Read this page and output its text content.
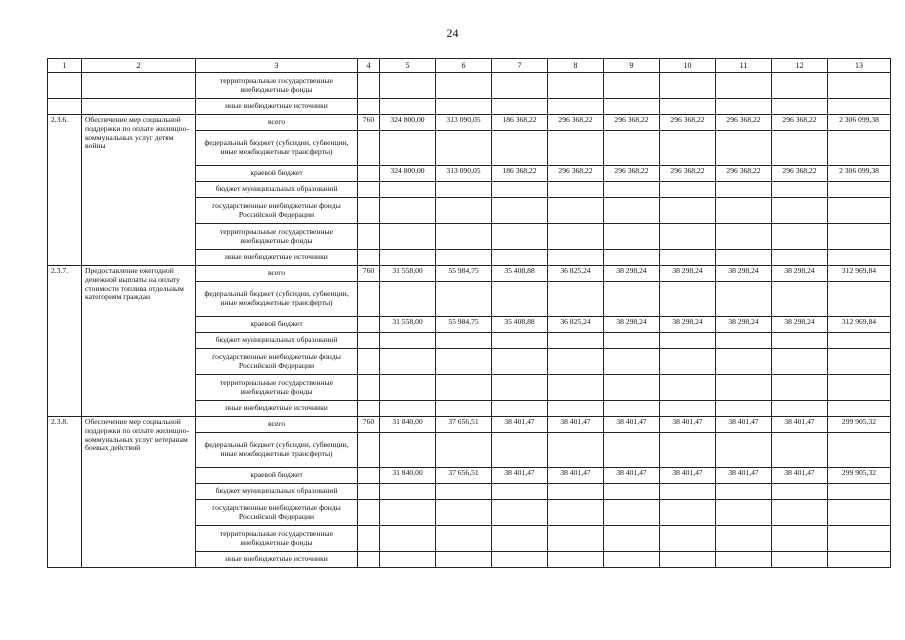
24
1	2	3	4	5	6	7	8	9	10	11	12	13
		территориальные государственные внебюджетные фонды										
		иные внебюджетные источники										
2.3.6.	Обеспечение мер социальной поддержки по оплате жилищно-коммунальных услуг детям войны	всего	760	324 800,00	313 090,05	186 368,22	296 368,22	296 368,22	296 368,22	296 368,22	296 368,22	2 306 099,38
		федеральный бюджет (субсидии, субвенции, иные межбюджетные трансферты)										
		краевой бюджет		324 800,00	313 090,05	186 368,22	296 368,22	296 368,22	296 368,22	296 368,22	296 368,22	2 306 099,38
		бюджет муниципальных образований										
		государственные внебюджетные фонды Российской Федерации										
		территориальные государственные внебюджетные фонды										
		иные внебюджетные источники										
2.3.7.	Предоставление ежегодной денежной выплаты на оплату стоимости топлива отдельным категориям граждан	всего	760	31 558,00	55 984,75	35 408,88	36 825,24	38 298,24	38 298,24	38 298,24	38 298,24	312 969,84
		федеральный бюджет (субсидии, субвенции, иные межбюджетные трансферты)										
		краевой бюджет		31 558,00	55 984,75	35 408,88	36 825,24	38 298,24	38 298,24	38 298,24	38 298,24	312 969,84
		бюджет муниципальных образований										
		государственные внебюджетные фонды Российской Федерации										
		территориальные государственные внебюджетные фонды										
		иные внебюджетные источники										
2.3.8.	Обеспечение мер социальной поддержки по оплате жилищно-коммунальных услуг ветеранам боевых действий	всего	760	31 840,00	37 656,51	38 401,47	38 401,47	38 401,47	38 401,47	38 401,47	38 401,47	299 905,32
		федеральный бюджет (субсидии, субвенции, иные межбюджетные трансферты)										
		краевой бюджет		31 840,00	37 656,51	38 401,47	38 401,47	38 401,47	38 401,47	38 401,47	38 401,47	299 905,32
		бюджет муниципальных образований										
		государственные внебюджетные фонды Российской Федерации										
		территориальные государственные внебюджетные фонды										
		иные внебюджетные источники										
